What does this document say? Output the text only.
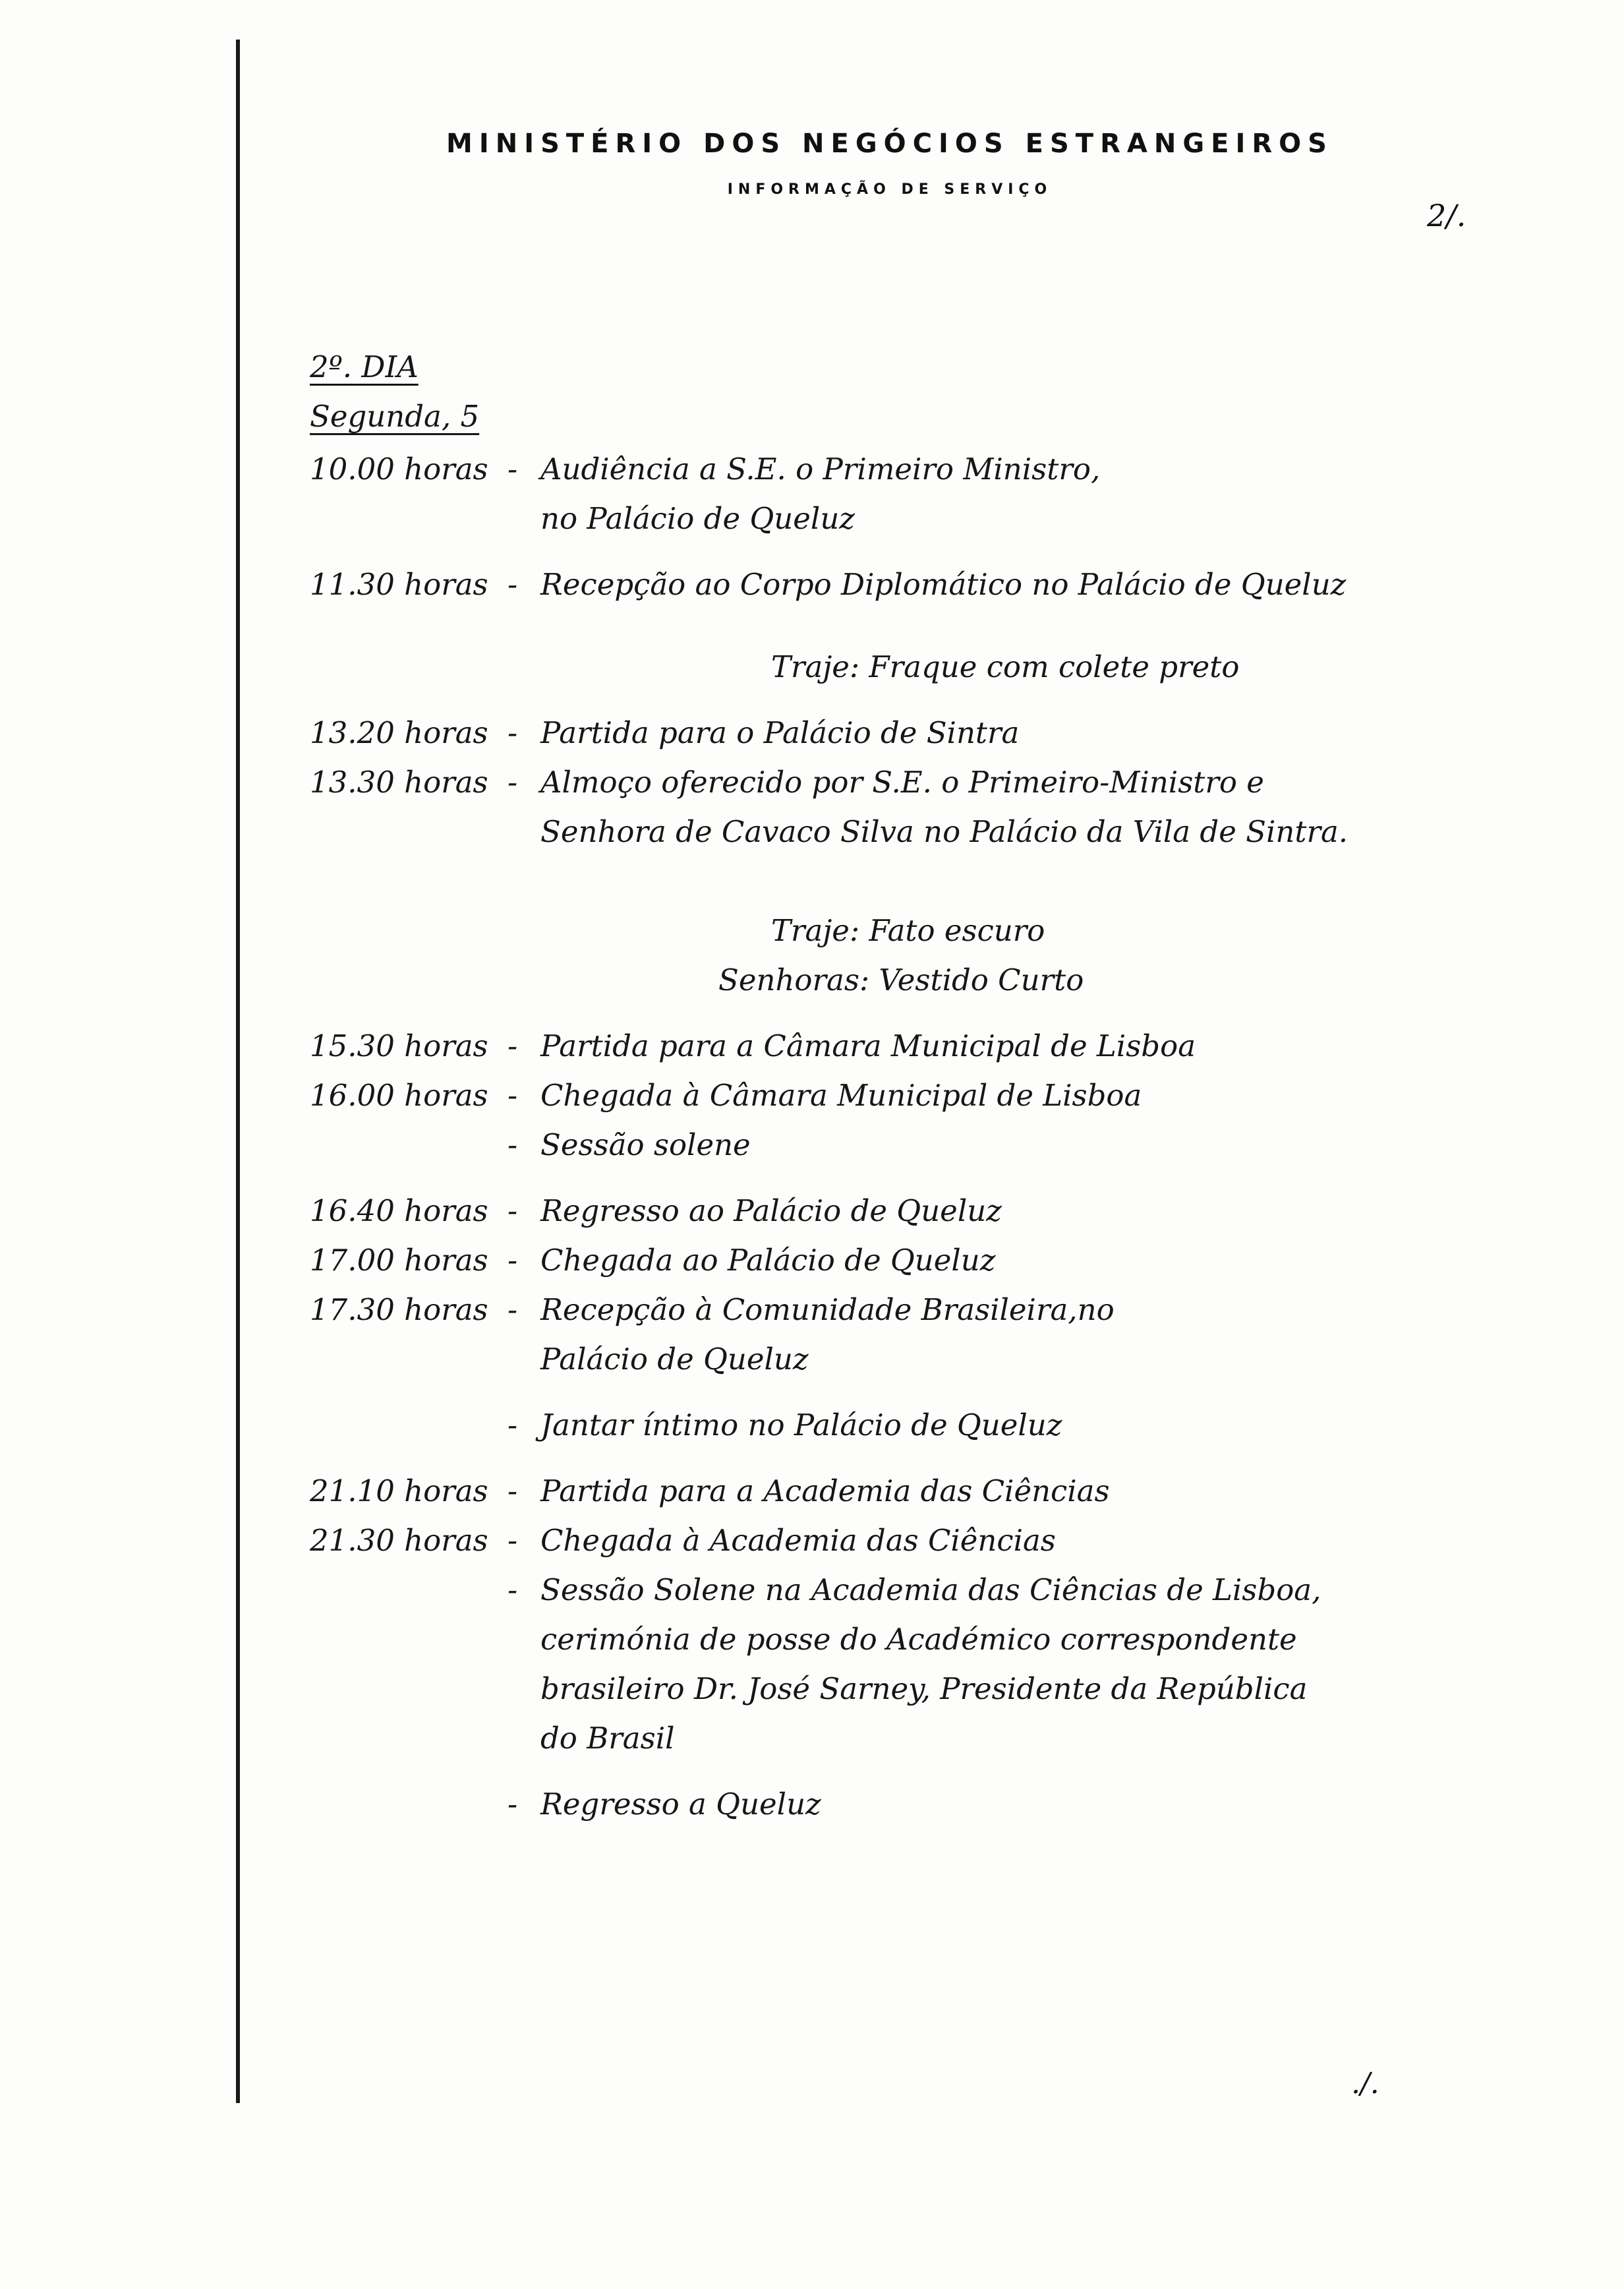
MINISTÉRIO DOS NEGÓCIOS ESTRANGEIROS
INFORMAÇÃO DE SERVIÇO
2/.
2º. DIA
Segunda, 5
10.00 horas - Audiência a S.E. o Primeiro Ministro,
no Palácio de Queluz
11.30 horas - Recepção ao Corpo Diplomático no Palácio de Queluz
Traje: Fraque com colete preto
13.20 horas - Partida para o Palácio de Sintra
13.30 horas - Almoço oferecido por S.E. o Primeiro-Ministro e
Senhora de Cavaco Silva no Palácio da Vila de Sintra.
Traje: Fato escuro
Senhoras: Vestido Curto
15.30 horas - Partida para a Câmara Municipal de Lisboa
16.00 horas - Chegada à Câmara Municipal de Lisboa
- Sessão solene
16.40 horas - Regresso ao Palácio de Queluz
17.00 horas - Chegada ao Palácio de Queluz
17.30 horas - Recepção à Comunidade Brasileira,no
Palácio de Queluz
- Jantar íntimo no Palácio de Queluz
21.10 horas - Partida para a Academia das Ciências
21.30 horas - Chegada à Academia das Ciências
- Sessão Solene na Academia das Ciências de Lisboa,
cerimónia de posse do Académico correspondente
brasileiro Dr. José Sarney, Presidente da República
do Brasil
- Regresso a Queluz
./.
